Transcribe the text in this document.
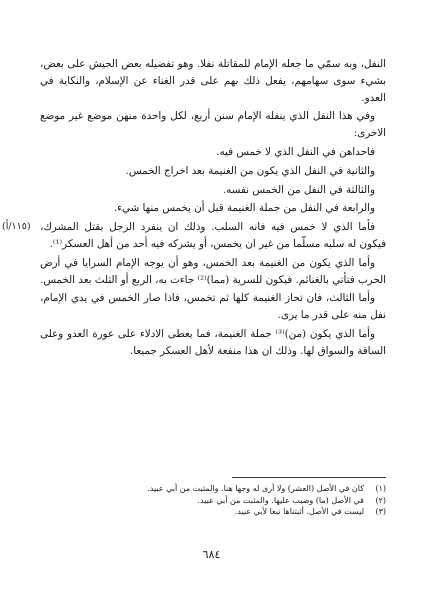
النفل، وبه سمّي ما جعله الإمام للمقاتلة نفلا. وهو تفضيله بعض الجيش على بعض، بشيء سوى سهامهم، يفعل ذلك بهم على قدر الغناء عن الإسلام، والنكاية في العدو.

وفي هذا النفل الذي ينفله الإمام سنن أربع، لكل واحدة منهن موضع غير موضع الاخرى:

فاحداهن في النفل الذي لا خمس فيه.

والثانية في النفل الذي يكون من الغنيمة بعد اخراج الخمس.

والثالثة في النفل من الخمس نفسه.

والرابعة في النفل من جملة الغنيمة قبل أن يخمس منها شيء.

(١١٥/أ) فأما الذي لا خمس فيه فانه السلب. وذلك ان ينفرد الرجل بقتل المشرك، فيكون له سلبه مسلّما من غير ان يخمس، أو يشركه فيه أحد من أهل العسكر⁽¹⁾.

وأما الذي يكون من الغنيمة بعد الخمس، وهو أن يوجه الإمام السرايا في أرض الحرب فتأتي بالغنائم. فيكون للسرية (مما)⁽²⁾ جاءت به، الربع أو الثلث بعد الخمس.

وأما الثالث، فان تحاز الغنيمة كلها ثم تخمس، فاذا صار الخمس في يدي الإمام، نفل منه على قدر ما يرى.

وأما الذي يكون (من)⁽³⁾ جملة الغنيمة، فما يعطى الادلاء على عورة العدو وعلى الساقة والسواق لها. وذلك ان هذا منفعة لأهل العسكر جميعا.

(١)كان في الأصل (العشر) ولا أرى له وجها هنا. والمثبت من أبي عبيد.
(٢)في الأصل (ما) وضبب عليها. والمثبت من أبي عبيد.
(٣)ليست في الأصل. أثبتناها تبعا لأبي عبيد.
٦٨٤
